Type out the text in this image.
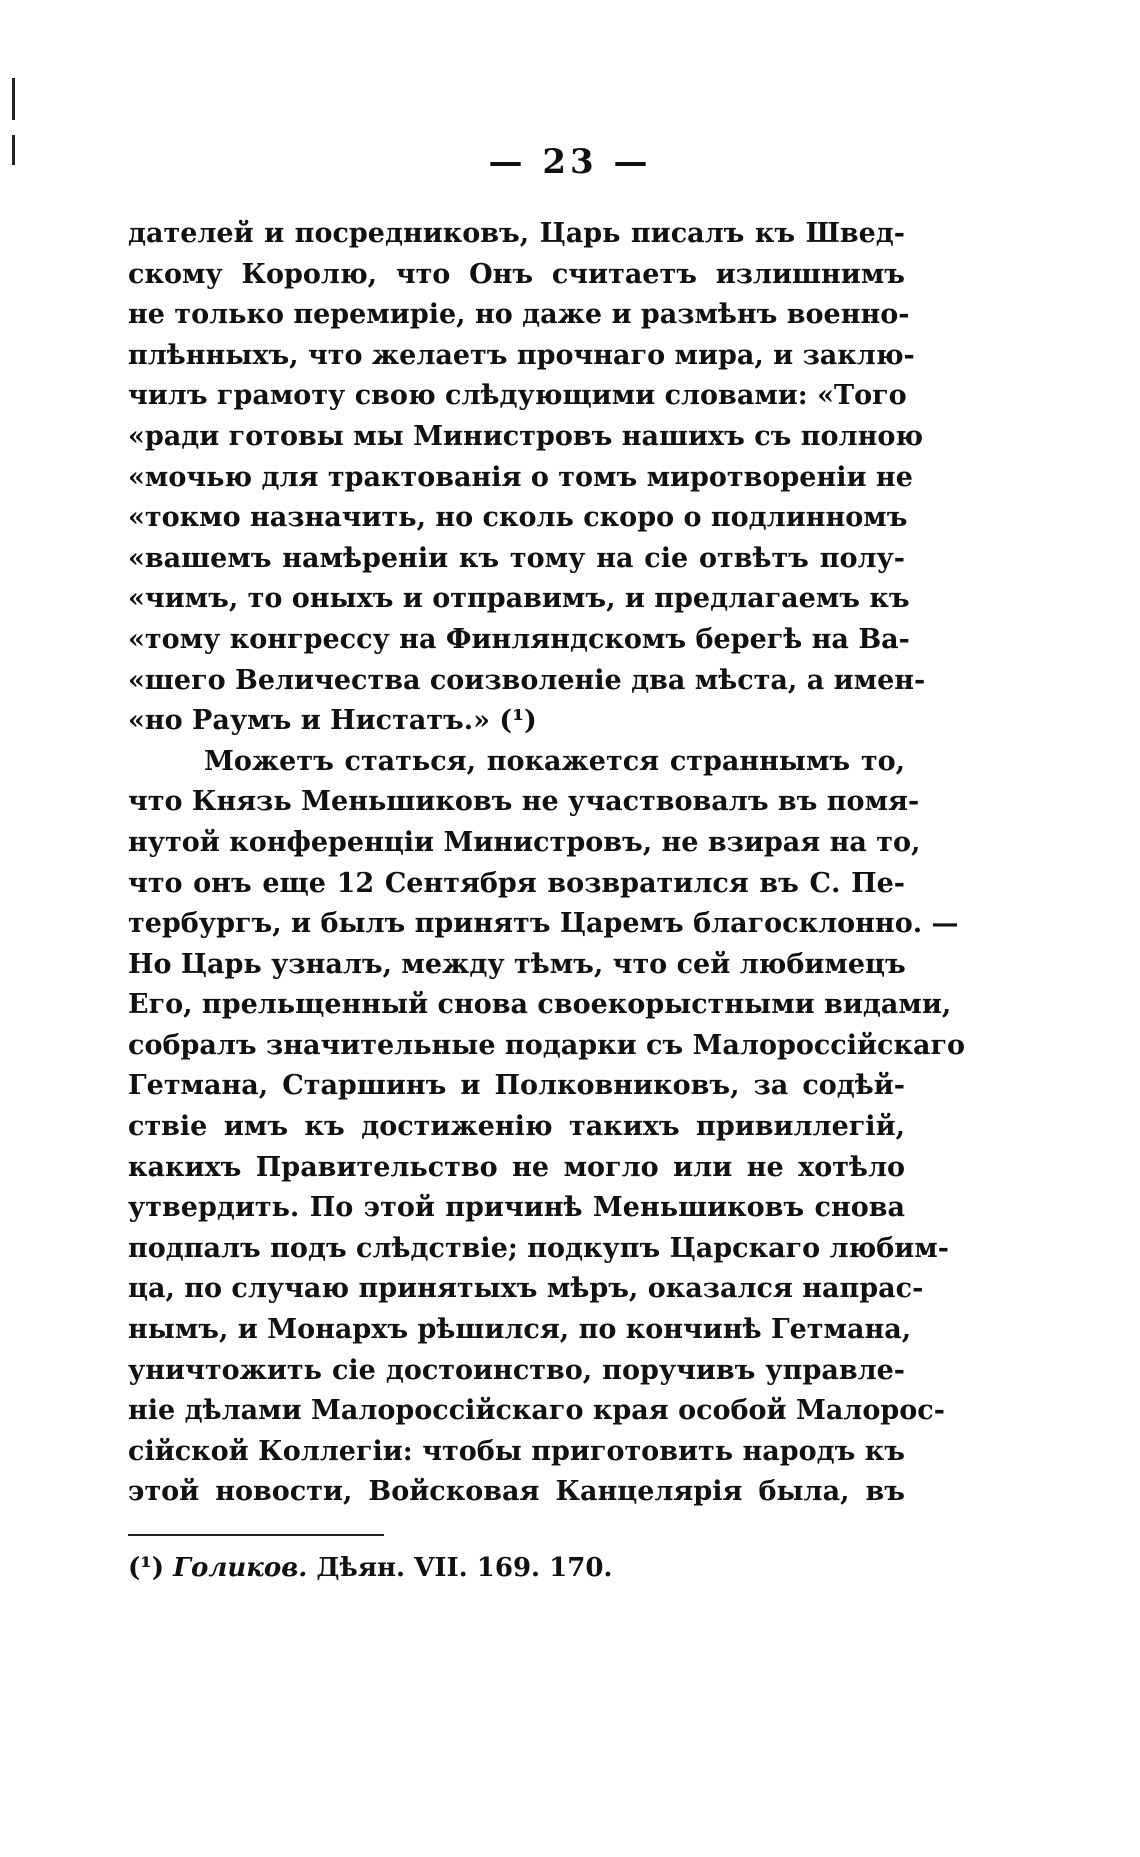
— 23 —
дателей и посредниковъ, Царь писалъ къ Швед-
скому Королю, что Онъ считаетъ излишнимъ
не только перемиріе, но даже и размѣнъ военно-
плѣнныхъ, что желаетъ прочнаго мира, и заклю-
чилъ грамоту свою слѣдующими словами: «Того
«ради готовы мы Министровъ нашихъ съ полною
«мочью для трактованія о томъ миротвореніи не
«токмо назначить, но сколь скоро о подлинномъ
«вашемъ намѣреніи къ тому на сіе отвѣтъ полу-
«чимъ, то оныхъ и отправимъ, и предлагаемъ къ
«тому конгрессу на Финляндскомъ берегѣ на Ва-
«шего Величества соизволеніе два мѣста, а имен-
«но Раумъ и Нистатъ.» (¹)
Можетъ статься, покажется страннымъ то,
что Князь Меньшиковъ не участвовалъ въ помя-
нутой конференціи Министровъ, не взирая на то,
что онъ еще 12 Сентября возвратился въ С. Пе-
тербургъ, и былъ принятъ Царемъ благосклонно. —
Но Царь узналъ, между тѣмъ, что сей любимецъ
Его, прельщенный снова своекорыстными видами,
собралъ значительные подарки съ Малороссійскаго
Гетмана, Старшинъ и Полковниковъ, за содѣй-
ствіе имъ къ достиженію такихъ привиллегій,
какихъ Правительство не могло или не хотѣло
утвердить. По этой причинѣ Меньшиковъ снова
подпалъ подъ слѣдствіе; подкупъ Царскаго любим-
ца, по случаю принятыхъ мѣръ, оказался напрас-
нымъ, и Монархъ рѣшился, по кончинѣ Гетмана,
уничтожить сіе достоинство, поручивъ управле-
ніе дѣлами Малороссійскаго края особой Малорос-
сійской Коллегіи: чтобы приготовить народъ къ
этой новости, Войсковая Канцелярія была, въ
(¹) Голиков. Дѣян. VII. 169. 170.
